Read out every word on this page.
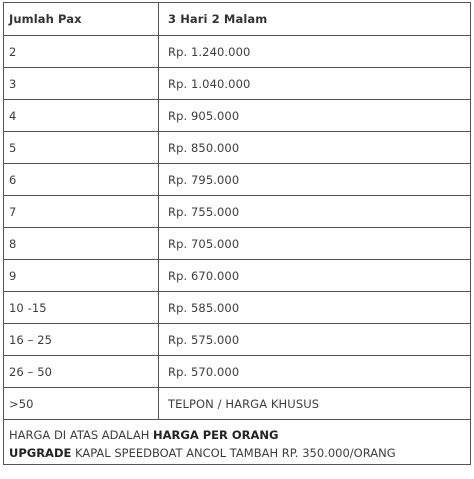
Jumlah Pax	3 Hari 2 Malam
2	Rp. 1.240.000
3	Rp. 1.040.000
4	Rp. 905.000
5	Rp. 850.000
6	Rp. 795.000
7	Rp. 755.000
8	Rp. 705.000
9	Rp. 670.000
10 -15	Rp. 585.000
16 – 25	Rp. 575.000
26 – 50	Rp. 570.000
>50	TELPON / HARGA KHUSUS
HARGA DI ATAS ADALAH HARGA PER ORANG
UPGRADE KAPAL SPEEDBOAT ANCOL TAMBAH RP. 350.000/ORANG
